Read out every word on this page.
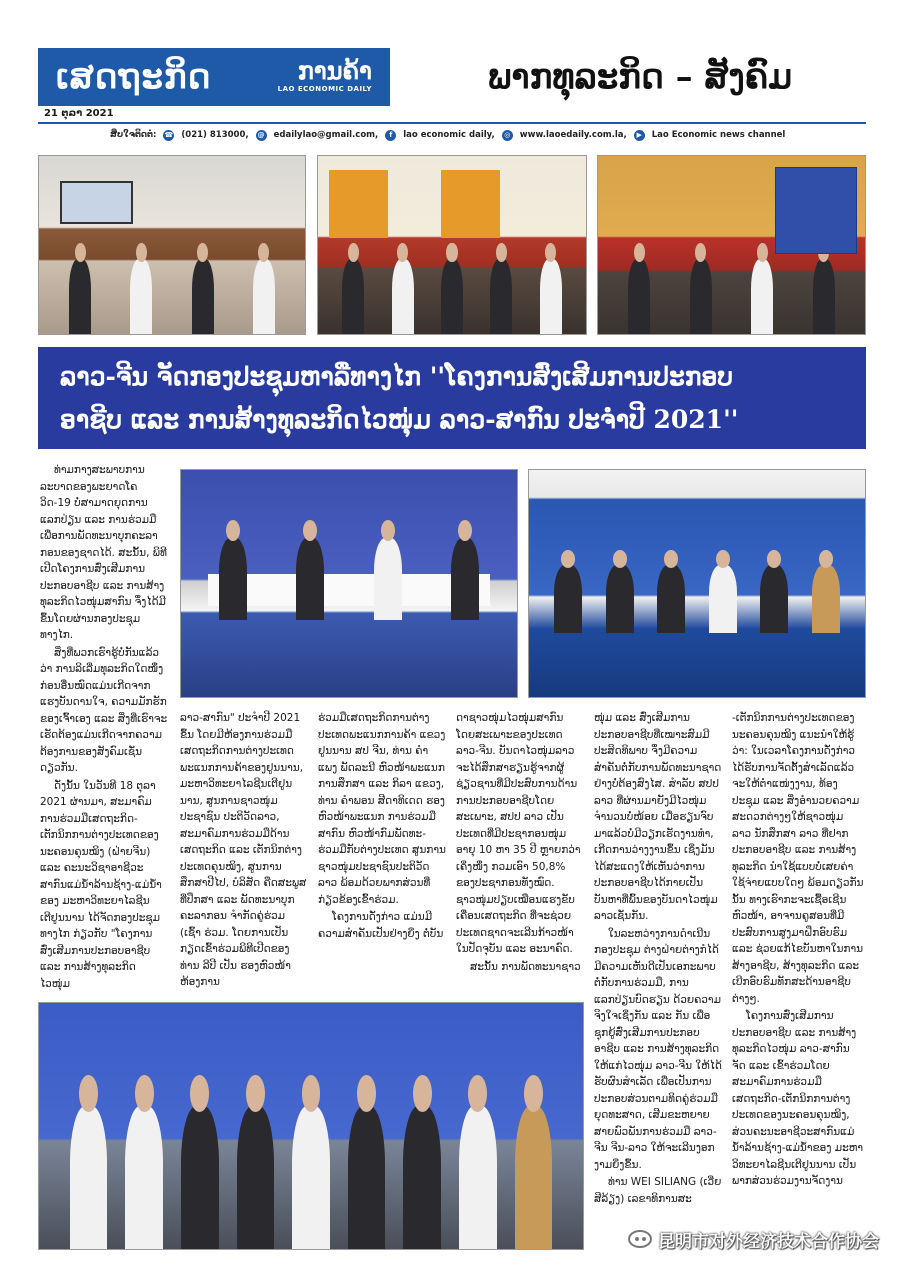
ເສດຖະກິດ	ການຄ້າ
LAO ECONOMIC DAILY	ພາກທຸລະກິດ – ສັງຄົມ
21 ຕຸລາ 2021
ສືບໃຈຕິດຕໍ່: ☎ (021) 813000, @ edailylao@gmail.com,	f	lao economic daily,	◎ www.laoedaily.com.la,	▶	Lao Economic news channel

ລາວ-ຈີນ ຈັດກອງປະຊຸມຫາລືທາງໄກ ''ໂຄງການສົ່ງເສີມການປະກອບ

ອາຊີບ ແລະ ການສ້າງທຸລະກິດໄວໜຸ່ມ ລາວ-ສາກົນ ປະຈຳປີ 2021''

ທ່າມກາງສະພາບການລະບາດຂອງພະຍາດໂຄວິດ-19 ບໍ່ສາມາດຍຸດການແລກປ່ຽນ ແລະ ການຮ່ວມມື ເພື່ອການພັດທະນາບຸກຄະລາກອນຂອງຊາດໄດ້. ສະນັ້ນ, ພິທີເປີດໂຄງການສົ່ງເສີມການປະກອບອາຊີບ ແລະ ການສ້າງທຸລະກິດໄວໜຸ່ມສາກົນ ຈຶ່ງໄດ້ມີຂຶ້ນໂດຍຜ່ານກອງປະຊຸມທາງໄກ.

ສິ່ງທີ່ພວກເຮົາຮູ້ບໍ່ກັນແລ້ວວ່າ ການລິເລີ່ມທຸລະກິດໃດໜຶ່ງ ກ່ອນອື່ນໝົດແມ່ນເກີດຈາກແຮງບັນດານໃຈ, ຄວາມມັກຮັກຂອງເຈົ້າເອງ ແລະ ສິ່ງທີ່ເຮົາຈະເຮັດຕ້ອງແມ່ນເກີດຈາກຄວາມຕ້ອງການຂອງສັງຄົມເຊັ່ນດຽວກັນ.

ດັ່ງນັ້ນ ໃນວັນທີ 18 ຕຸລາ 2021 ຜ່ານມາ, ສະມາຄົມການຮ່ວມມືເສດຖະກິດ-ເຕັກນິກການຕ່າງປະເທດຂອງນະຄອນຄຸນໝິງ (ຝ່າຍຈີນ) ແລະ ຄະນະວິຊາອາຊີວະສາກົນແມ່ນ້ຳລ້ານຊ້າງ-ແມ່ນ້ຳຂອງ ມະຫາວິທະຍາໄລຊີນເຕີຢູນນານ ໄດ້ຈັດກອງປະຊຸມທາງໄກ ກ່ຽວກັບ "ໂຄງການສົ່ງເສີມການປະກອບອາຊີບ ແລະ ການສ້າງທຸລະກິດ ໄວໜຸ່ມ

ລາວ-ສາກົນ" ປະຈຳປີ 2021 ຂຶ້ນ ໂດຍມີຫ້ອງການຮ່ວມມືເສດຖະກິດການຕ່າງປະເທດ ພະແນກການຄ້າຂອງຢູນນານ, ມະຫາວິທະຍາໄລຊີນເຕີຢູນນານ, ສູນການຊາວໜຸ່ມປະຊາຊົນ ປະຕິວັດລາວ, ສະມາຄົມການຮ່ວມມືດ້ານເສດຖະກິດ ແລະ ເຕັກນິກຕ່າງປະເທດຄຸນໝິງ, ສູນການສຶກສາປີໄປ, ບໍລິສັດ ຄືດສະພູສ ທີ່ປຶກສາ ແລະ ພັດທະນາບຸກຄະລາກອນ ຈຳກັດຄູ່ຮ່ວມ (ເຊົ້າ ຮ່ວມ. ໂດຍການເປັນກຽດເຂົ້າຮ່ວມພິທີເປີດຂອງ ທ່ານ ລີປີ ເປັນ ຮອງຫົວໜ້າຫ້ອງການ

ຮ່ວມມືເສດຖະກິດການຕ່າງປະເທດພະແນກການຄ້າ ແຂວງຢູນນານ ສປ ຈີນ, ທ່ານ ຄຳແພງ ພັດລະນີ ຫົວໜ້າພະແນກການສຶກສາ ແລະ ກິລາ ແຂວງ, ທ່ານ ຄຳພອນ ສີດາທິເດດ ຮອງຫົວໜ້າພະແນກ ການຮ່ວມມືສາກົນ ຫົວໜ້າກົມພັດທະ-ຮ່ວມມືກັບຕ່າງປະເທດ ສູນການຊາວໜຸ່ມປະຊາຊົນປະຕິວັດລາວ ພ້ອມດ້ວຍພາກສ່ວນທີ່ກ່ຽວຂ້ອງເຂົ້າຮ່ວມ.

ໂຄງການດັ່ງກ່າວ ແມ່ນມີຄວາມສຳຄັນເປັນຢ່າງຍິ່ງ ຕໍ່ບັນ

ດາຊາວໜຸ່ມໄວໜຸ່ມສາກົນ ໂດຍສະເພາະຂອງປະເທດລາວ-ຈີນ. ບັນດາໄວໜຸ່ມລາວຈະໄດ້ສຶກສາຮຽນຮູ້ຈາກຜູ້ຊ່ຽວຊານທີ່ມີປະສົບການດ້ານການປະກອບອາຊີບໂດຍສະເພາະ, ສປປ ລາວ ເປັນປະເທດທີ່ມີປະຊາກອນໜຸ່ມ ອາຍຸ 10 ຫາ 35 ປີ ຫຼາຍກວ່າເຄິ່ງໜຶ່ງ ກວມເອົາ 50,8% ຂອງປະຊາກອນທັງໝົດ. ຊາວໜຸ່ມປຽບເໝືອນແຮງຂັບເຄື່ອນເສດຖະກິດ ທີ່ຈະຊ່ວຍປະເທດຊາດຈະເລີນກ້າວໜ້າໃນປັດຈຸບັນ ແລະ ອະນາຄົດ.

ສະນັ້ນ ການພັດທະນາຊາວ

ໜຸ່ມ ແລະ ສົ່ງເສີມການປະກອບອາຊີບທີ່ເໝາະສົມມີປະສິດທິພາບ ຈຶ່ງມີຄວາມສຳຄັນຕໍ່ກັບການພັດທະນາຊາດຢ່າງບໍ່ຕ້ອງສົງໄສ. ສໍາລັບ ສປປ ລາວ ທີ່ຜ່ານມາຍັງມີໄວໜຸ່ມຈຳນວນບໍ່ໜ້ອຍ ເມື່ອຮຽນຈົບມາແລ້ວບໍ່ມີວຽກເຮັດງານທຳ, ເກີດການວ່າງງານຂຶ້ນ ເຊິ່ງມັນໄດ້ສະແດງໃຫ້ເຫັນວ່າການປະກອບອາຊີບໄດ້ກາຍເປັນບັນຫາທີ່ພົ້ນຂອງບັນດາໄວໜຸ່ມລາວເຊັ່ນກັນ.

ໃນລະຫວ່າງການດຳເນີນກອງປະຊຸມ ຕ່າງຝ່າຍຕ່າງກໍໄດ້ມີຄວາມເຫັນດີເປັນເອກະພາບ ຕໍ່ກັບການຮ່ວມມື, ການແລກປ່ຽນບົດຮຽນ ດ້ວຍຄວາມຈິງໃຈເຊິ່ງກັນ ແລະ ກັນ ເພື່ອຊຸກຍູ້ສົ່ງເສີມການປະກອບອາຊີບ ແລະ ການສ້າງທຸລະກິດໃຫ້ແກ່ໄວໜຸ່ມ ລາວ-ຈີນ ໃຫ້ໄດ້ຮັບຜົນສຳເລັດ ເພື່ອເປັນການປະກອບສ່ວນຕາມທິດຄູ່ຮ່ວມມືຍຸດທະສາດ, ເສີມຂະຫຍາຍສາຍພົວພັນການຮ່ວມມື ລາວ-ຈີນ ຈີນ-ລາວ ໃຫ້ຈະເລີນງອກງາມຍິ່ງຂຶ້ນ.

ທ່ານ WEI SILIANG (ເວີ່ຍ ສີລ້ຽງ) ເລຂາທິການສະ

-ເຕັກນິກການຕ່າງປະເທດຂອງນະຄອນຄຸນໝິງ ແນະນຳໃຫ້ຮູ້ວ່າ: ໃນເວລາໂຄງການດັ່ງກ່າວໄດ້ຮັບການຈັດຕັ້ງສຳເລັດແລ້ວ ຈະໃຫ້ຕຳແໜ່ງງານ, ທ້ອງປະຊຸມ ແລະ ສິ່ງອຳນວຍຄວາມສະດວກຕ່າງໆໃຫ້ຊາວໜຸ່ມ ລາວ ນັກສຶກສາ ລາວ ທີ່ຢາກປະກອບອາຊີບ ແລະ ການສ້າງທຸລະກິດ ນຳໃຊ້ແບບບໍ່ເສຍຄ່າໃຊ້ຈ່າຍແບບໃດໆ ພ້ອມດຽວກັນນັ້ນ ທາງເຮົາກະຈະເຊື້ອເຊີນຫົວໜ້າ, ອາຈານຄູສອນທີ່ມີປະສົບການສູງມາຝຶກອົບຮົມ ແລະ ຊ່ວຍແກ້ໄຂບັນຫາໃນການສ້າງອາຊີບ, ສ້າງທຸລະກິດ ແລະ ເບີກອົບຮົມທັກສະດ້ານອາຊີບຕ່າງໆ.

ໂຄງການສົ່ງເສີມການປະກອບອາຊີບ ແລະ ການສ້າງທຸລະກິດໄວໜຸ່ມ ລາວ-ສາກົນ ຈັດ ແລະ ເຂົ້າຮ່ວມໂດຍ ສະມາຄົມການຮ່ວມມືເສດຖະກິດ-ເຕັກນິກການຕ່າງປະເທດຂອງນະຄອນຄຸນໝິງ, ສ່ວນຄະນະອາຊີວະສາກົນແມ່ນ້ຳລ້ານຊ້າງ-ແມ່ນ້ຳຂອງ ມະຫາວິທະຍາໄລຊີນເຕີຢູນນານ ເປັນພາກສ່ວນຮ່ວມງານຈັດງານ

昆明市对外经济技术合作协会
